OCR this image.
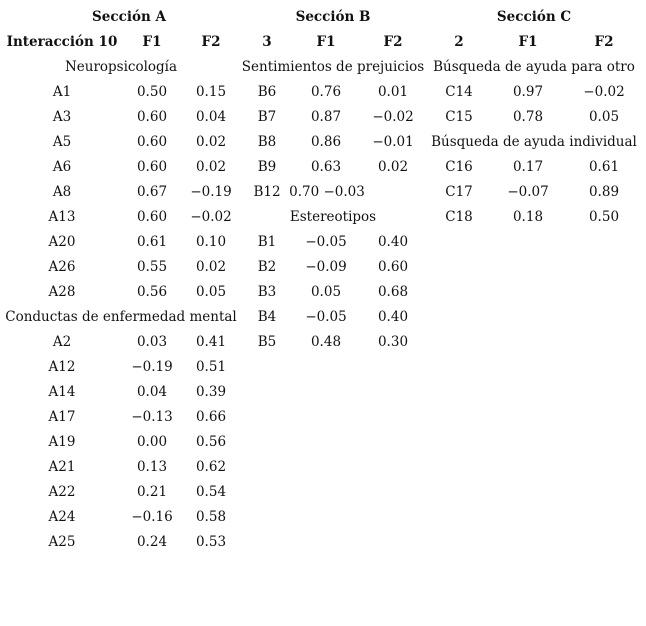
Sección A
Interacción 10 F1	F2
Neuropsicología
A1	0.50 0.15
A3	0.60 0.04
A5	0.60 0.02
A6	0.60 0.02
A8	0.67 −0.19
A13	0.60 −0.02
A20	0.61 0.10
A26	0.55 0.02
A28	0.56 0.05
Conductas de enfermedad mental
A2	0.03 0.41
A12	−0.19 0.51
A14	0.04 0.39
A17	−0.13 0.66
A19	0.00 0.56
A21	0.13 0.62
A22	0.21 0.54
A24	−0.16 0.58
A25	0.24 0.53
Sección B
3	F1	F2
Sentimientos de prejuicios
B6	0.76	0.01
B7	0.87 −0.02
B8	0.86 −0.01
B9	0.63	0.02
B12 0.70 −0.03
Estereotipos
B1 −0.05 0.40
B2 −0.09 0.60
B3	0.05	0.68
B4 −0.05 0.40
B5	0.48	0.30
Sección C
2	F1	F2
Búsqueda de ayuda para otro
C14	0.97	−0.02
C15	0.78	0.05
Búsqueda de ayuda individual
C16	0.17	0.61
C17	−0.07	0.89
C18	0.18	0.50
